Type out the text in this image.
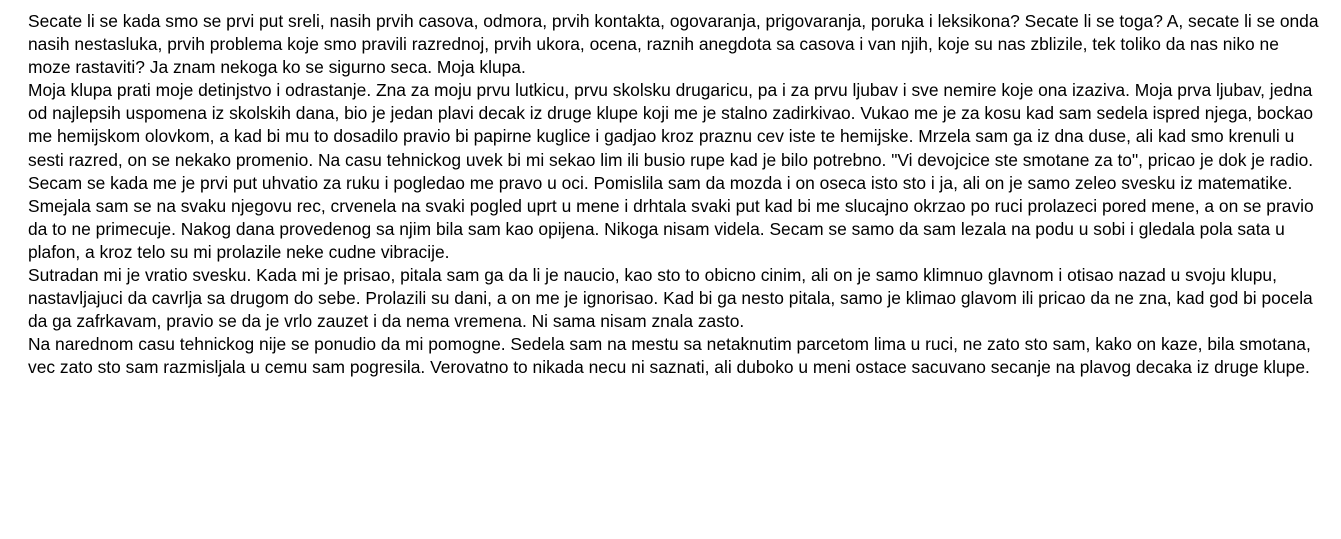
Secate li se kada smo se prvi put sreli, nasih prvih casova, odmora, prvih kontakta, ogovaranja, prigovaranja, poruka i leksikona? Secate li se toga? A, secate li se onda nasih nestasluka, prvih problema koje smo pravili razrednoj, prvih ukora, ocena, raznih anegdota sa casova i van njih, koje su nas zblizile, tek toliko da nas niko ne moze rastaviti? Ja znam nekoga ko se sigurno seca. Moja klupa.

Moja klupa prati moje detinjstvo i odrastanje. Zna za moju prvu lutkicu, prvu skolsku drugaricu, pa i za prvu ljubav i sve nemire koje ona izaziva. Moja prva ljubav, jedna od najlepsih uspomena iz skolskih dana, bio je jedan plavi decak iz druge klupe koji me je stalno zadirkivao. Vukao me je za kosu kad sam sedela ispred njega, bockao me hemijskom olovkom, a kad bi mu to dosadilo pravio bi papirne kuglice i gadjao kroz praznu cev iste te hemijske. Mrzela sam ga iz dna duse, ali kad smo krenuli u sesti razred, on se nekako promenio. Na casu tehnickog uvek bi mi sekao lim ili busio rupe kad je bilo potrebno. "Vi devojcice ste smotane za to", pricao je dok je radio. Secam se kada me je prvi put uhvatio za ruku i pogledao me pravo u oci. Pomislila sam da mozda i on oseca isto sto i ja, ali on je samo zeleo svesku iz matematike. Smejala sam se na svaku njegovu rec, crvenela na svaki pogled uprt u mene i drhtala svaki put kad bi me slucajno okrzao po ruci prolazeci pored mene, a on se pravio da to ne primecuje. Nakog dana provedenog sa njim bila sam kao opijena. Nikoga nisam videla. Secam se samo da sam lezala na podu u sobi i gledala pola sata u plafon, a kroz telo su mi prolazile neke cudne vibracije.

Sutradan mi je vratio svesku. Kada mi je prisao, pitala sam ga da li je naucio, kao sto to obicno cinim, ali on je samo klimnuo glavnom i otisao nazad u svoju klupu, nastavljajuci da cavrlja sa drugom do sebe. Prolazili su dani, a on me je ignorisao. Kad bi ga nesto pitala, samo je klimao glavom ili pricao da ne zna, kad god bi pocela da ga zafrkavam, pravio se da je vrlo zauzet i da nema vremena. Ni sama nisam znala zasto.

Na narednom casu tehnickog nije se ponudio da mi pomogne. Sedela sam na mestu sa netaknutim parcetom lima u ruci, ne zato sto sam, kako on kaze, bila smotana, vec zato sto sam razmisljala u cemu sam pogresila. Verovatno to nikada necu ni saznati, ali duboko u meni ostace sacuvano secanje na plavog decaka iz druge klupe.
